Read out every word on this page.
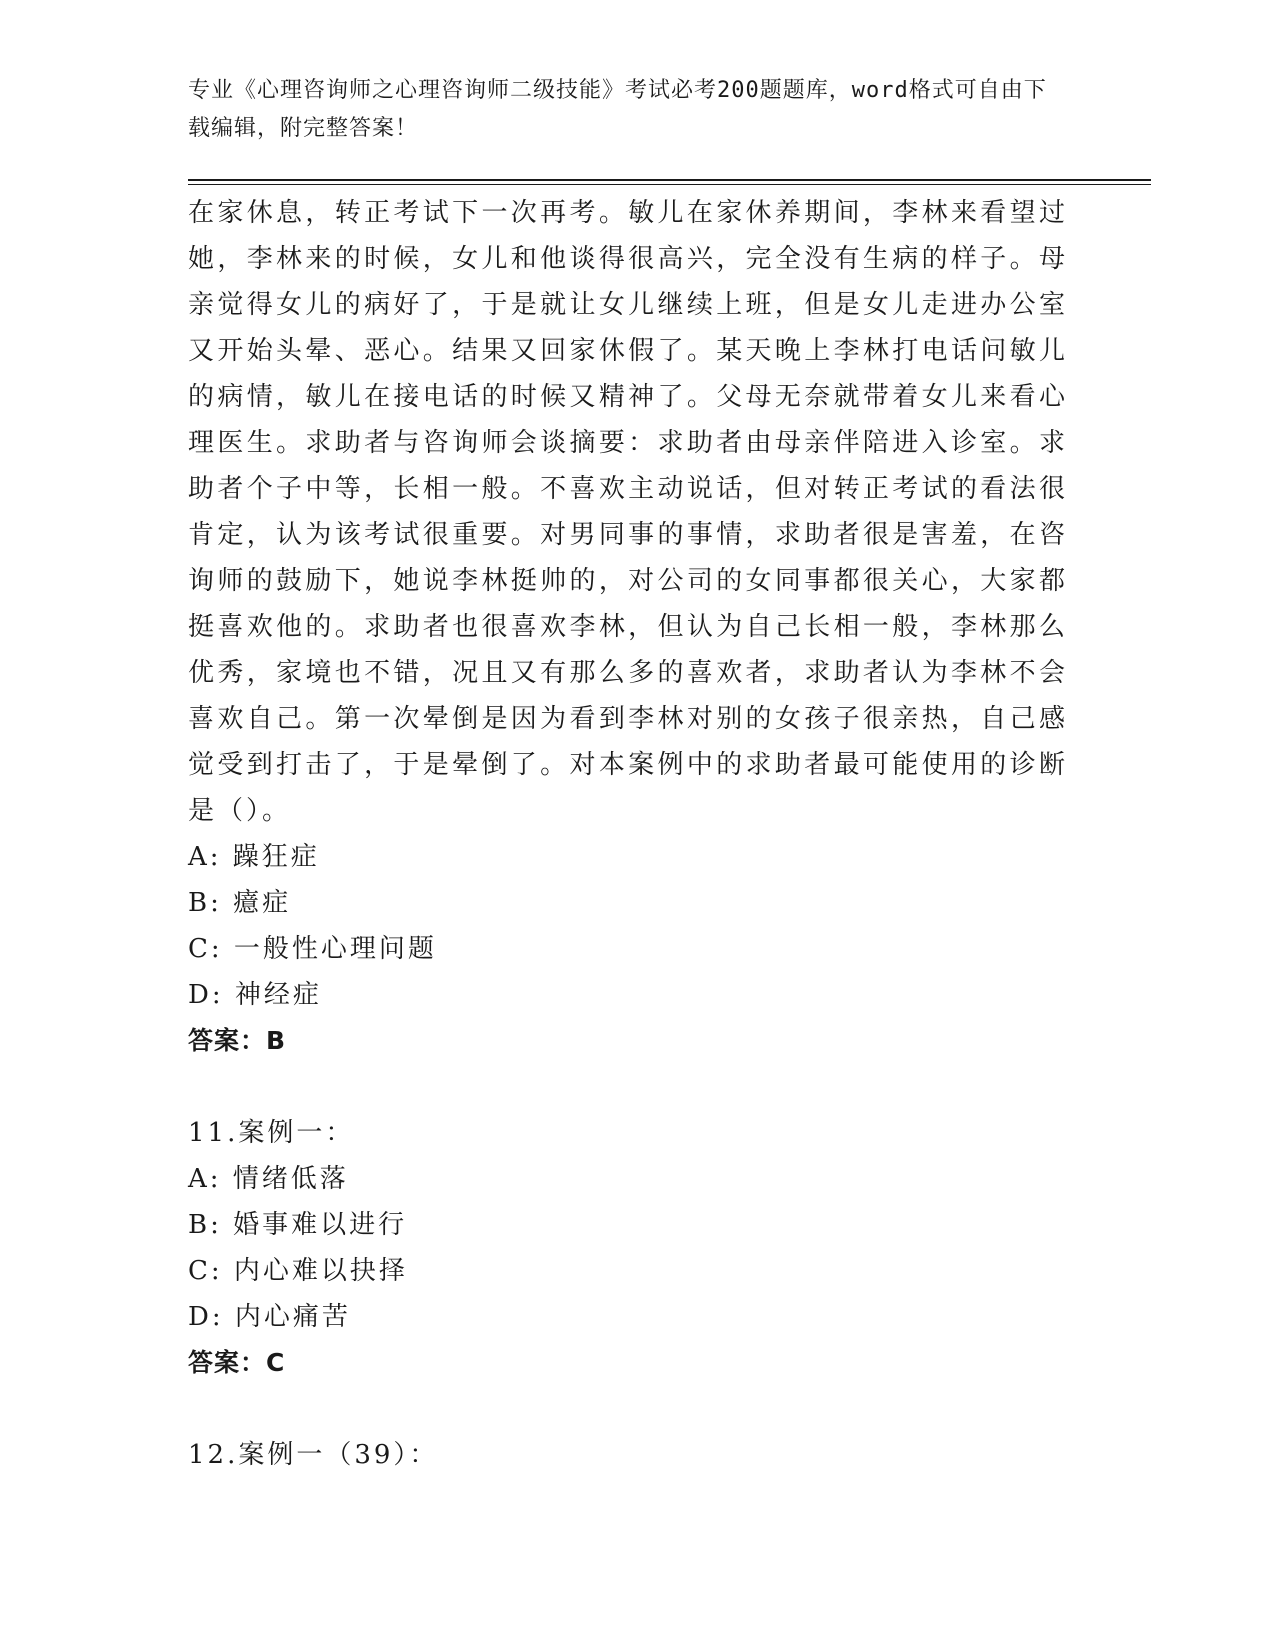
专业《心理咨询师之心理咨询师二级技能》考试必考200题题库，word格式可自由下载编辑，附完整答案！
在家休息，转正考试下一次再考。敏儿在家休养期间，李林来看望过她，李林来的时候，女儿和他谈得很高兴，完全没有生病的样子。母亲觉得女儿的病好了，于是就让女儿继续上班，但是女儿走进办公室又开始头晕、恶心。结果又回家休假了。某天晚上李林打电话问敏儿的病情，敏儿在接电话的时候又精神了。父母无奈就带着女儿来看心理医生。求助者与咨询师会谈摘要：求助者由母亲伴陪进入诊室。求助者个子中等，长相一般。不喜欢主动说话，但对转正考试的看法很肯定，认为该考试很重要。对男同事的事情，求助者很是害羞，在咨询师的鼓励下，她说李林挺帅的，对公司的女同事都很关心，大家都挺喜欢他的。求助者也很喜欢李林，但认为自己长相一般，李林那么优秀，家境也不错，况且又有那么多的喜欢者，求助者认为李林不会喜欢自己。第一次晕倒是因为看到李林对别的女孩子很亲热，自己感觉受到打击了，于是晕倒了。对本案例中的求助者最可能使用的诊断是（）。
A: 躁狂症
B: 癔症
C: 一般性心理问题
D: 神经症
答案：B
11.案例一：
A: 情绪低落
B: 婚事难以进行
C: 内心难以抉择
D: 内心痛苦
答案：C
12.案例一（39）：
